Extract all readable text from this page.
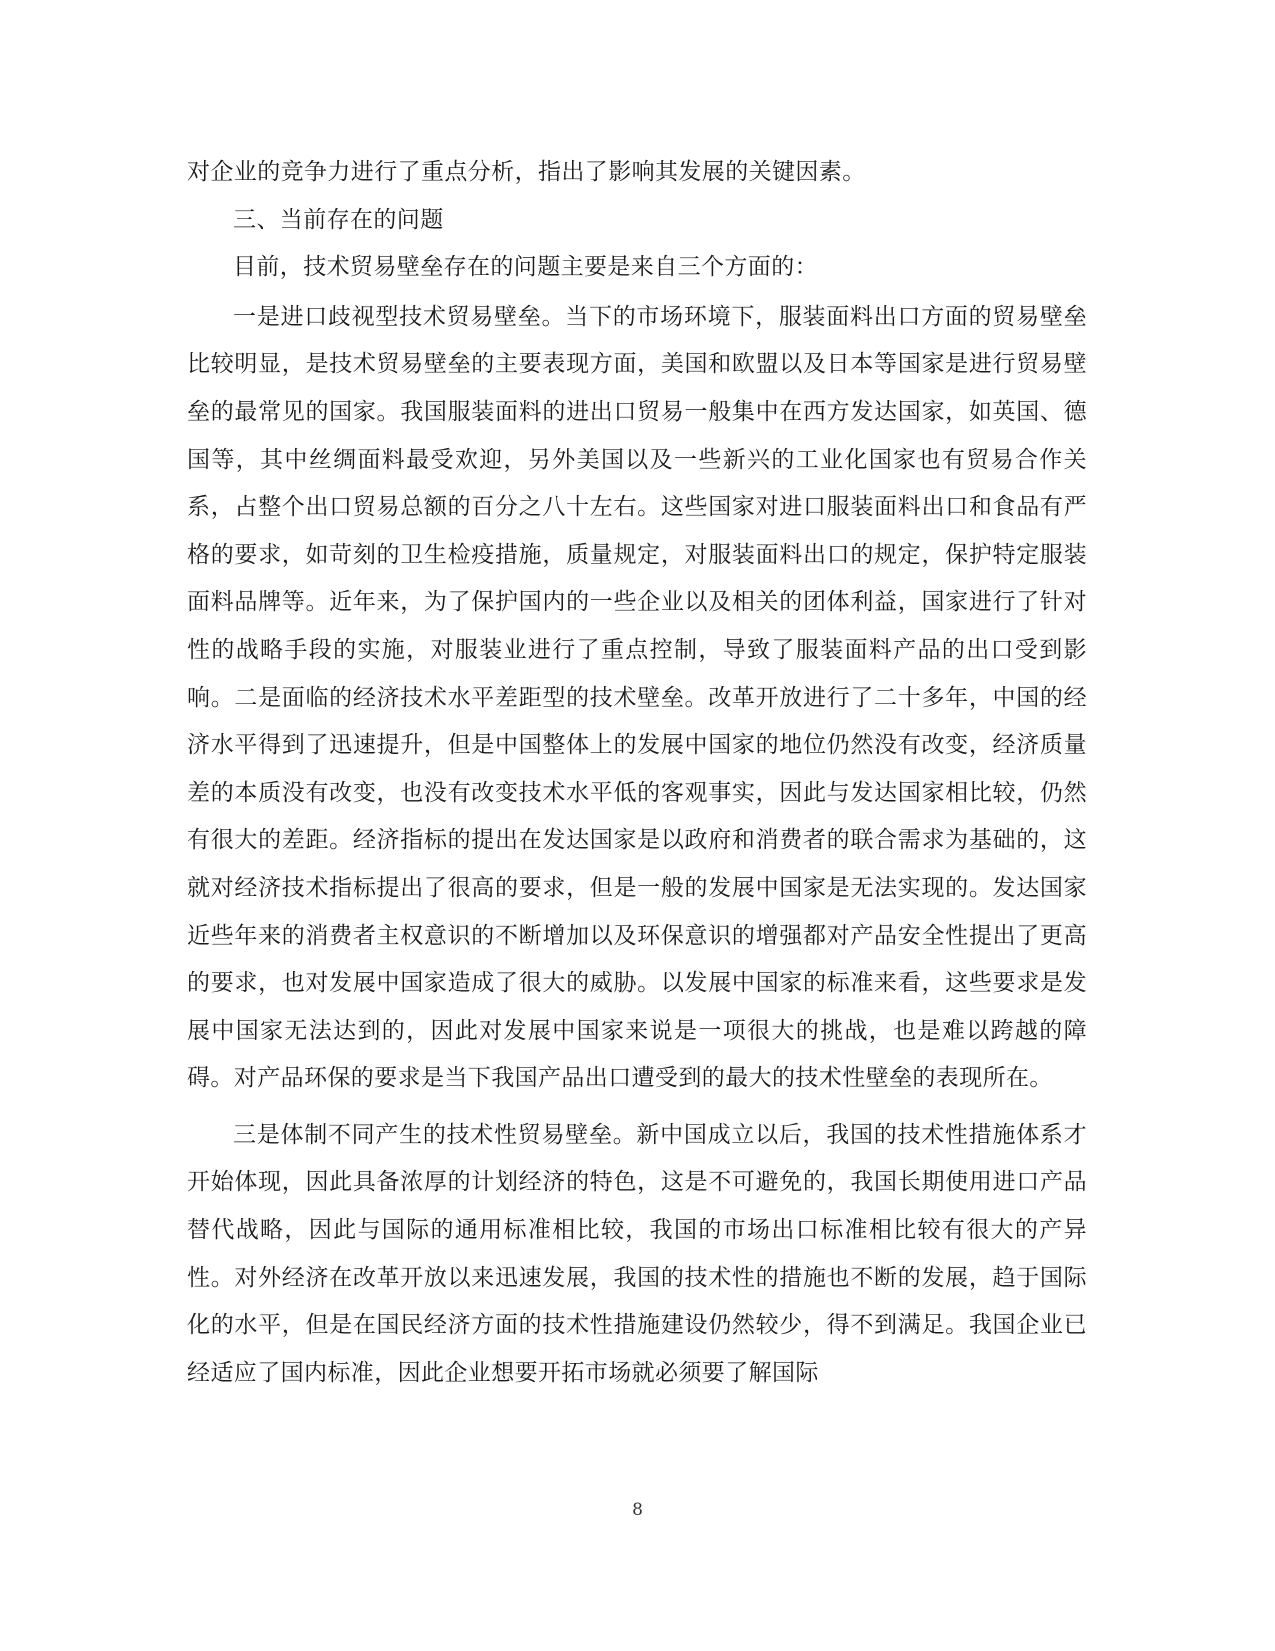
对企业的竞争力进行了重点分析，指出了影响其发展的关键因素。

三、当前存在的问题

目前，技术贸易壁垒存在的问题主要是来自三个方面的：

一是进口歧视型技术贸易壁垒。当下的市场环境下，服装面料出口方面的贸易壁垒比较明显，是技术贸易壁垒的主要表现方面，美国和欧盟以及日本等国家是进行贸易壁垒的最常见的国家。我国服装面料的进出口贸易一般集中在西方发达国家，如英国、德国等，其中丝绸面料最受欢迎，另外美国以及一些新兴的工业化国家也有贸易合作关系，占整个出口贸易总额的百分之八十左右。这些国家对进口服装面料出口和食品有严格的要求，如苛刻的卫生检疫措施，质量规定，对服装面料出口的规定，保护特定服装面料品牌等。近年来，为了保护国内的一些企业以及相关的团体利益，国家进行了针对性的战略手段的实施，对服装业进行了重点控制，导致了服装面料产品的出口受到影响。二是面临的经济技术水平差距型的技术壁垒。改革开放进行了二十多年，中国的经济水平得到了迅速提升，但是中国整体上的发展中国家的地位仍然没有改变，经济质量差的本质没有改变，也没有改变技术水平低的客观事实，因此与发达国家相比较，仍然有很大的差距。经济指标的提出在发达国家是以政府和消费者的联合需求为基础的，这就对经济技术指标提出了很高的要求，但是一般的发展中国家是无法实现的。发达国家近些年来的消费者主权意识的不断增加以及环保意识的增强都对产品安全性提出了更高的要求，也对发展中国家造成了很大的威胁。以发展中国家的标准来看，这些要求是发展中国家无法达到的，因此对发展中国家来说是一项很大的挑战，也是难以跨越的障碍。对产品环保的要求是当下我国产品出口遭受到的最大的技术性壁垒的表现所在。

三是体制不同产生的技术性贸易壁垒。新中国成立以后，我国的技术性措施体系才开始体现，因此具备浓厚的计划经济的特色，这是不可避免的，我国长期使用进口产品替代战略，因此与国际的通用标准相比较，我国的市场出口标准相比较有很大的产异性。对外经济在改革开放以来迅速发展，我国的技术性的措施也不断的发展，趋于国际化的水平，但是在国民经济方面的技术性措施建设仍然较少，得不到满足。我国企业已经适应了国内标准，因此企业想要开拓市场就必须要了解国际

8
